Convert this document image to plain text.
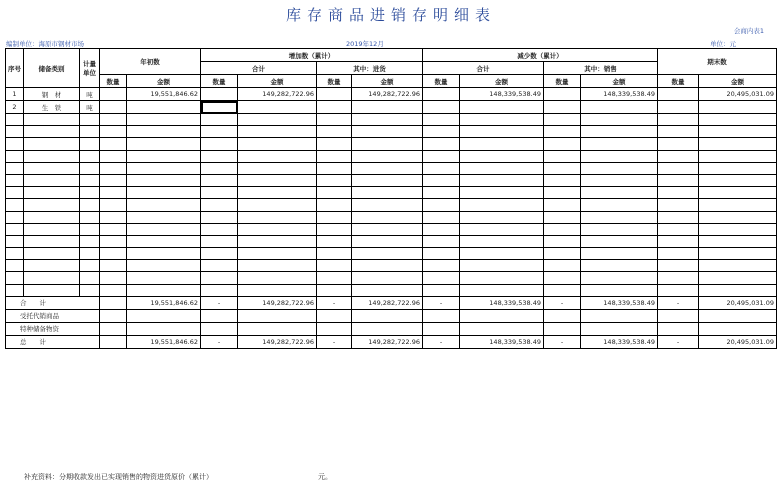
库存商品进销存明细表
会商内表1
编制单位：海原市钢材市场	2019年12月	单位：元
序号	储备类别	计量单位	年初数		增加数（累计）				减少数（累计）				期末数	
					合计		其中：进货		合计		其中：销售			
			数量	金额	数量	金额	数量	金额	数量	金额	数量	金额	数量	金额
1	钢　材	吨		19,551,846.62		149,282,722.96		149,282,722.96		148,339,538.49		148,339,538.49		20,495,031.09
2	生　铁	吨												

合　　计				19,551,846.62	-	149,282,722.96	-	149,282,722.96	-	148,339,538.49	-	148,339,538.49	-	20,495,031.09
受托代销商品														
特种储备物资														
总　　计				19,551,846.62	-	149,282,722.96	-	149,282,722.96	-	148,339,538.49	-	148,339,538.49	-	20,495,031.09
补充资料：分期收款发出已实现销售的物资进货原价（累计）	元。
